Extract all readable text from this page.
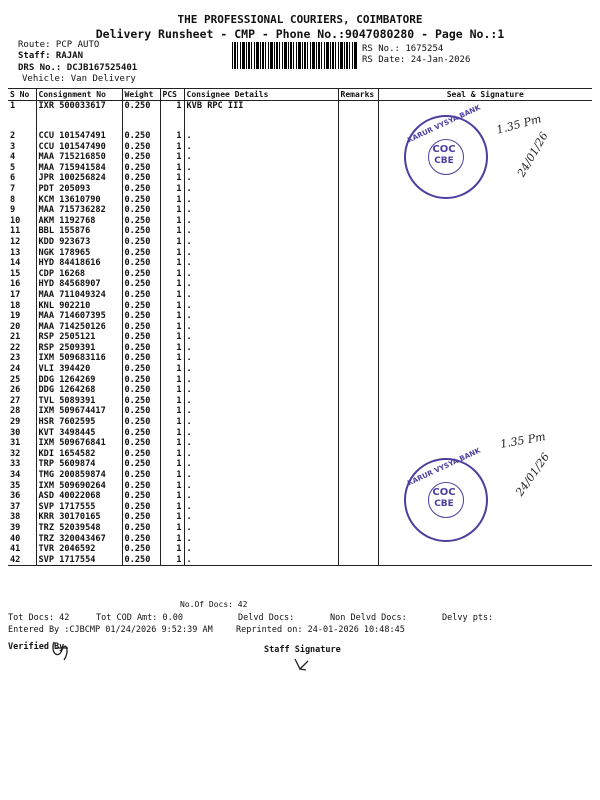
THE PROFESSIONAL COURIERS, COIMBATORE
Delivery Runsheet - CMP - Phone No.:9047080280 - Page No.:1
Route: PCP AUTO
Staff: RAJAN
DRS No.: DCJB167525401
Vehicle: Van Delivery
RS No.: 1675254
RS Date: 24-Jan-2026
S No	Consignment No	Weight	PCS	Consignee Details	Remarks	Seal & Signature
1	IXR 500033617	0.250	1	KVB RPC III		
2	CCU 101547491	0.250	1	.		
3	CCU 101547490	0.250	1	.		
4	MAA 715216850	0.250	1	.		
5	MAA 715941584	0.250	1	.		
6	JPR 100256824	0.250	1	.		
7	PDT 205093	0.250	1	.		
8	KCM 13610790	0.250	1	.		
9	MAA 715736282	0.250	1	.		
10	AKM 1192768	0.250	1	.		
11	BBL 155876	0.250	1	.		
12	KDD 923673	0.250	1	.		
13	NGK 178965	0.250	1	.		
14	HYD 84418616	0.250	1	.		
15	CDP 16268	0.250	1	.		
16	HYD 84568907	0.250	1	.		
17	MAA 711049324	0.250	1	.		
18	KNL 902210	0.250	1	.		
19	MAA 714607395	0.250	1	.		
20	MAA 714250126	0.250	1	.		
21	RSP 2505121	0.250	1	.		
22	RSP 2509391	0.250	1	.		
23	IXM 509683116	0.250	1	.		
24	VLI 394420	0.250	1	.		
25	DDG 1264269	0.250	1	.		
26	DDG 1264268	0.250	1	.		
27	TVL 5089391	0.250	1	.		
28	IXM 509674417	0.250	1	.		
29	HSR 7602595	0.250	1	.		
30	KVT 3498445	0.250	1	.		
31	IXM 509676841	0.250	1	.		
32	KDI 1654582	0.250	1	.		
33	TRP 5609874	0.250	1	.		
34	TMG 200859874	0.250	1	.		
35	IXM 509690264	0.250	1	.		
36	ASD 40022068	0.250	1	.		
37	SVP 1717555	0.250	1	.		
38	KRR 30170165	0.250	1	.		
39	TRZ 52039548	0.250	1	.		
40	TRZ 320043467	0.250	1	.		
41	TVR 2046592	0.250	1	.		
42	SVP 1717554	0.250	1	.		
No.Of Docs: 42
KARUR VYSYA BANK
COC
CBE
1.35 Pm
24/01/26
KARUR VYSYA BANK
COC
CBE
1.35 Pm
24/01/26
Tot Docs: 42	Tot COD Amt: 0.00	Delvd Docs:	Non Delvd Docs:	Delvy pts:
Entered By :CJBCMP 01/24/2026 9:52:39 AM	Reprinted on: 24-01-2026 10:48:45
Verified By	Staff Signature
